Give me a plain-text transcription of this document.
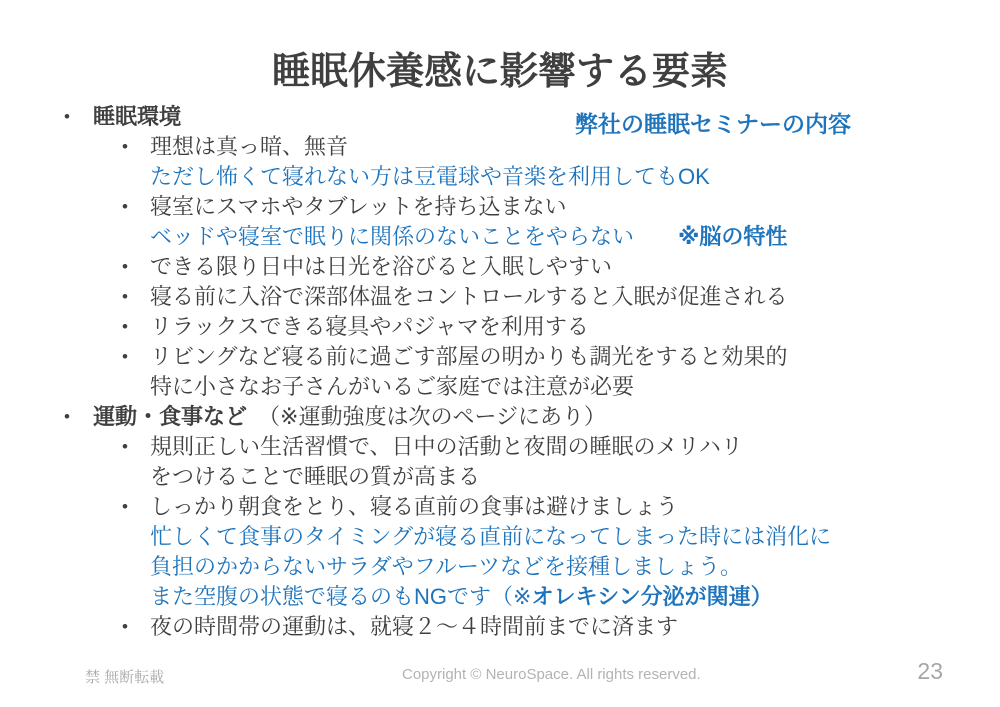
睡眠休養感に影響する要素
弊社の睡眠セミナーの内容
• 睡眠環境
• 理想は真っ暗、無音
ただし怖くて寝れない方は豆電球や音楽を利用してもOK
• 寝室にスマホやタブレットを持ち込まない
ベッドや寝室で眠りに関係のないことをやらない　　※脳の特性
• できる限り日中は日光を浴びると入眠しやすい
• 寝る前に入浴で深部体温をコントロールすると入眠が促進される
• リラックスできる寝具やパジャマを利用する
• リビングなど寝る前に過ごす部屋の明かりも調光をすると効果的
特に小さなお子さんがいるご家庭では注意が必要
• 運動・食事など　（※運動強度は次のページにあり）
• 規則正しい生活習慣で、日中の活動と夜間の睡眠のメリハリ
をつけることで睡眠の質が高まる
• しっかり朝食をとり、寝る直前の食事は避けましょう
忙しくて食事のタイミングが寝る直前になってしまった時には消化に
負担のかからないサラダやフルーツなどを接種しましょう。
また空腹の状態で寝るのもNGです（※オレキシン分泌が関連）
• 夜の時間帯の運動は、就寝２～４時間前までに済ます
禁 無断転載	Copyright © NeuroSpace. All rights reserved.	23
